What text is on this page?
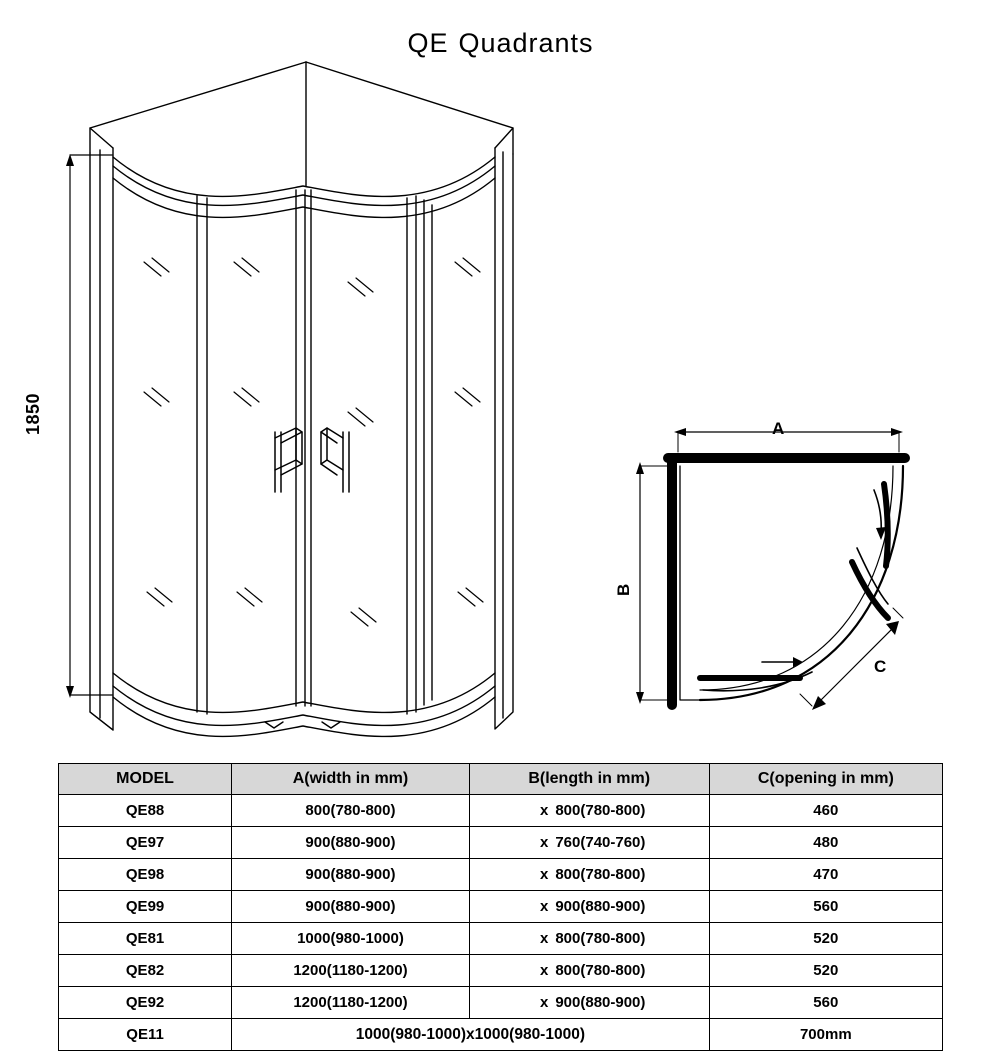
QE Quadrants
1850	A
B
C
MODEL	A(width in mm)	B(length in mm)	C(opening in mm)
QE88	800(780-800)	x 800(780-800)	460
QE97	900(880-900)	x 760(740-760)	480
QE98	900(880-900)	x 800(780-800)	470
QE99	900(880-900)	x 900(880-900)	560
QE81	1000(980-1000)	x 800(780-800)	520
QE82	1200(1180-1200)	x 800(780-800)	520
QE92	1200(1180-1200)	x 900(880-900)	560
QE11	1000(980-1000)x1000(980-1000)		700mm
